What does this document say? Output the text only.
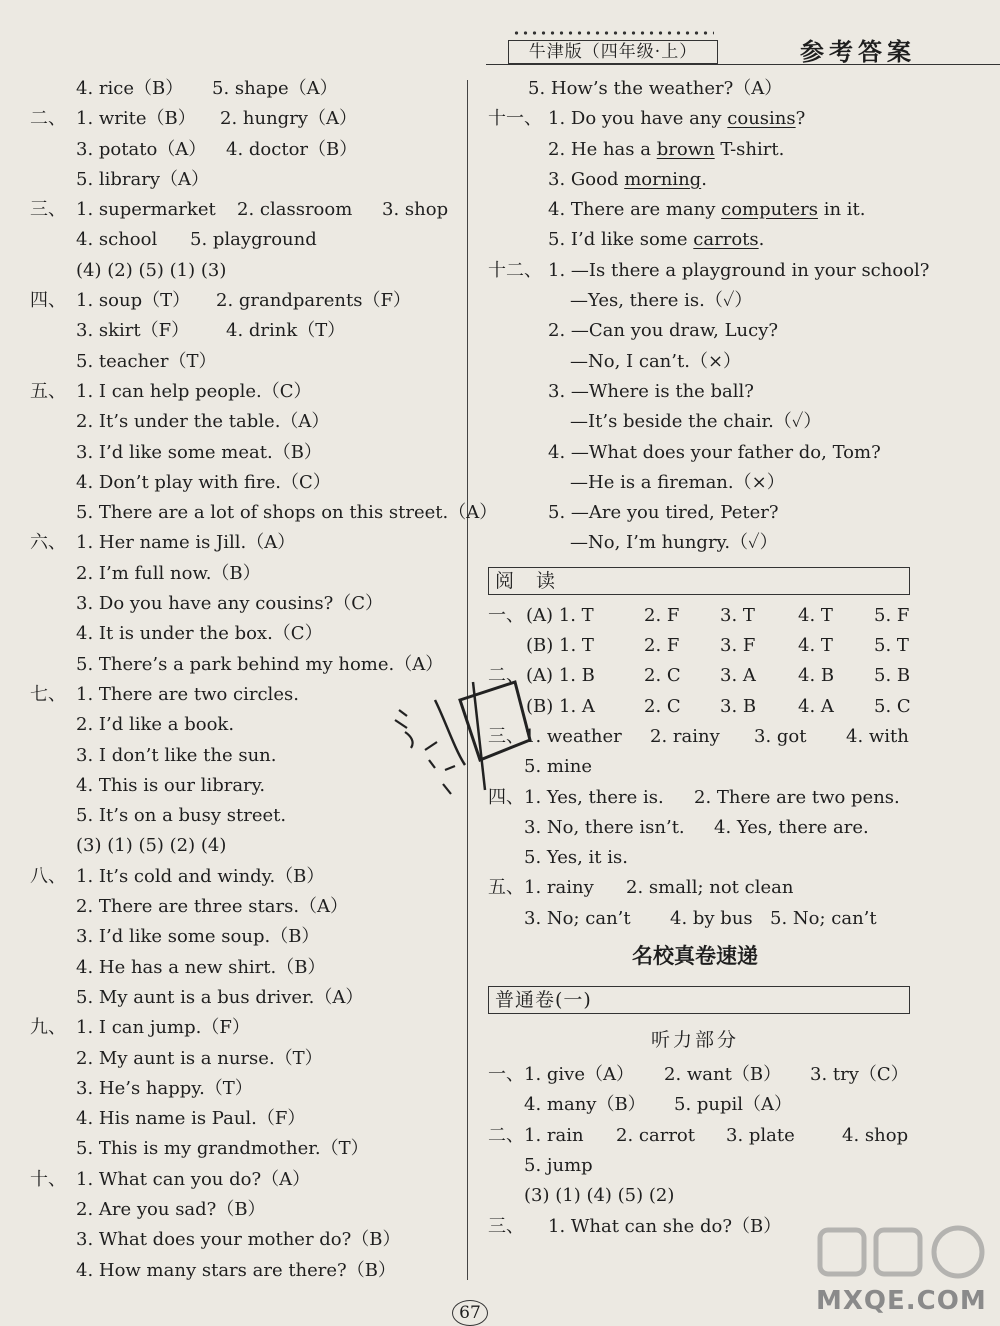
牛津版（四年级·上）	参考答案
4. rice（B） 5. shape（A）
二、 1. write（B） 2. hungry（A）
3. potato（A） 4. doctor（B）
5. library（A）
三、 1. supermarket 2. classroom 3. shop
4. school 5. playground
(4) (2) (5) (1) (3)
四、 1. soup（T） 2. grandparents（F）
3. skirt（F） 4. drink（T）
5. teacher（T）
五、 1. I can help people.（C）
2. It’s under the table.（A）
3. I’d like some meat.（B）
4. Don’t play with fire.（C）
5. There are a lot of shops on this street.（A）
六、 1. Her name is Jill.（A）
2. I’m full now.（B）
3. Do you have any cousins?（C）
4. It is under the box.（C）
5. There’s a park behind my home.（A）
七、 1. There are two circles.
2. I’d like a book.
3. I don’t like the sun.
4. This is our library.
5. It’s on a busy street.
(3) (1) (5) (2) (4)
八、 1. It’s cold and windy.（B）
2. There are three stars.（A）
3. I’d like some soup.（B）
4. He has a new shirt.（B）
5. My aunt is a bus driver.（A）
九、 1. I can jump.（F）
2. My aunt is a nurse.（T）
3. He’s happy.（T）
4. His name is Paul.（F）
5. This is my grandmother.（T）
十、 1. What can you do?（A）
2. Are you sad?（B）
3. What does your mother do?（B）
4. How many stars are there?（B）
5. How’s the weather?（A）
十一、 1. Do you have any cousins?
2. He has a brown T-shirt.
3. Good morning.
4. There are many computers in it.
5. I’d like some carrots.
十二、 1. —Is there a playground in your school?
—Yes, there is.（✓）
2. —Can you draw, Lucy?
—No, I can’t.（×）
3. —Where is the ball?
—It’s beside the chair.（✓）
4. —What does your father do, Tom?
—He is a fireman.（×）
5. —Are you tired, Peter?
—No, I’m hungry.（✓）
阅 读
一、 (A) 1. T	2. F 3. T 4. T 5. F
(B) 1. T	2. F 3. F 4. T 5. T
二、 (A) 1. B	2. C 3. A 4. B 5. B
(B) 1. A	2. C 3. B 4. A 5. C
三、 1. weather 2. rainy 3. got 4. with
5. mine
四、 1. Yes, there is. 2. There are two pens.
3. No, there isn’t. 4. Yes, there are.
5. Yes, it is.
五、 1. rainy 2. small; not clean
3. No; can’t 4. by bus 5. No; can’t
名校真卷速递
普通卷(一)
听力部分
一、 1. give（A） 2. want（B） 3. try（C）
4. many（B） 5. pupil（A）
二、 1. rain 2. carrot 3. plate	4. shop
5. jump
(3) (1) (4) (5) (2)
三、 1. What can she do?（B）
67	MXQE.COM
